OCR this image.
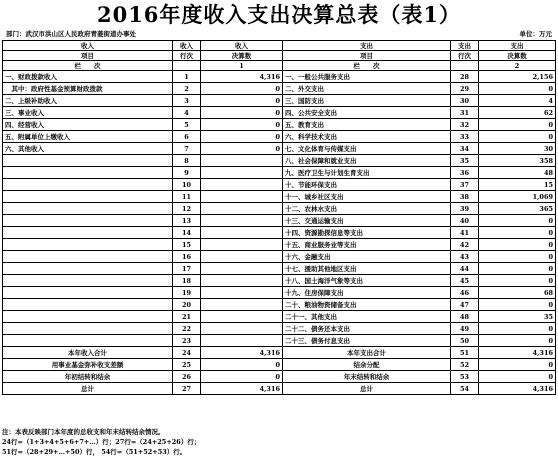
2016年度收入支出决算总表（表1）
部门：武汉市洪山区人民政府青菱街道办事处	单位：万元
收入	收入	收入	支出	支出	支出
项目	行次	决算数	项目	行次	决算数
栏　　次		1	栏　　次		2
一、财政拨款收入	1	4,316	一、一般公共服务支出	28	2,156
　其中：政府性基金预算财政拨款	2	0	二、外交支出	29	0
二、上级补助收入	3	0	三、国防支出	30	4
三、事业收入	4	0	四、公共安全支出	31	62
四、经营收入	5	0	五、教育支出	32	0
五、附属单位上缴收入	6	0	六、科学技术支出	33	0
六、其他收入	7	0	七、文化体育与传媒支出	34	30
	8		八、社会保障和就业支出	35	358
	9		九、医疗卫生与计划生育支出	36	48
	10		十、节能环保支出	37	15
	11		十一、城乡社区支出	38	1,069
	12		十二、农林水支出	39	365
	13		十三、交通运输支出	40	0
	14		十四、资源勘探信息等支出	41	0
	15		十五、商业服务业等支出	42	0
	16		十六、金融支出	43	0
	17		十七、援助其他地区支出	44	0
	18		十八、国土海洋气象等支出	45	0
	19		十九、住房保障支出	46	68
	20		二十、粮油物资储备支出	47	0
	21		二十一、其他支出	48	35
	22		二十二、债务还本支出	49	0
	23		二十三、债务付息支出	50	0
本年收入合计	24	4,316	本年支出合计	51	4,316
用事业基金弥补收支差额	25	0	结余分配	52	0
年初结转和结余	26	0	年末结转和结余	53	0
总计	27	4,316	总计	54	4,316
注：本表反映部门本年度的总收支和年末结转结余情况。
24行=（1+3+4+5+6+7+…）行；27行=（24+25+26）行；
51行=（28+29+…+50）行， 54行=（51+52+53）行。
